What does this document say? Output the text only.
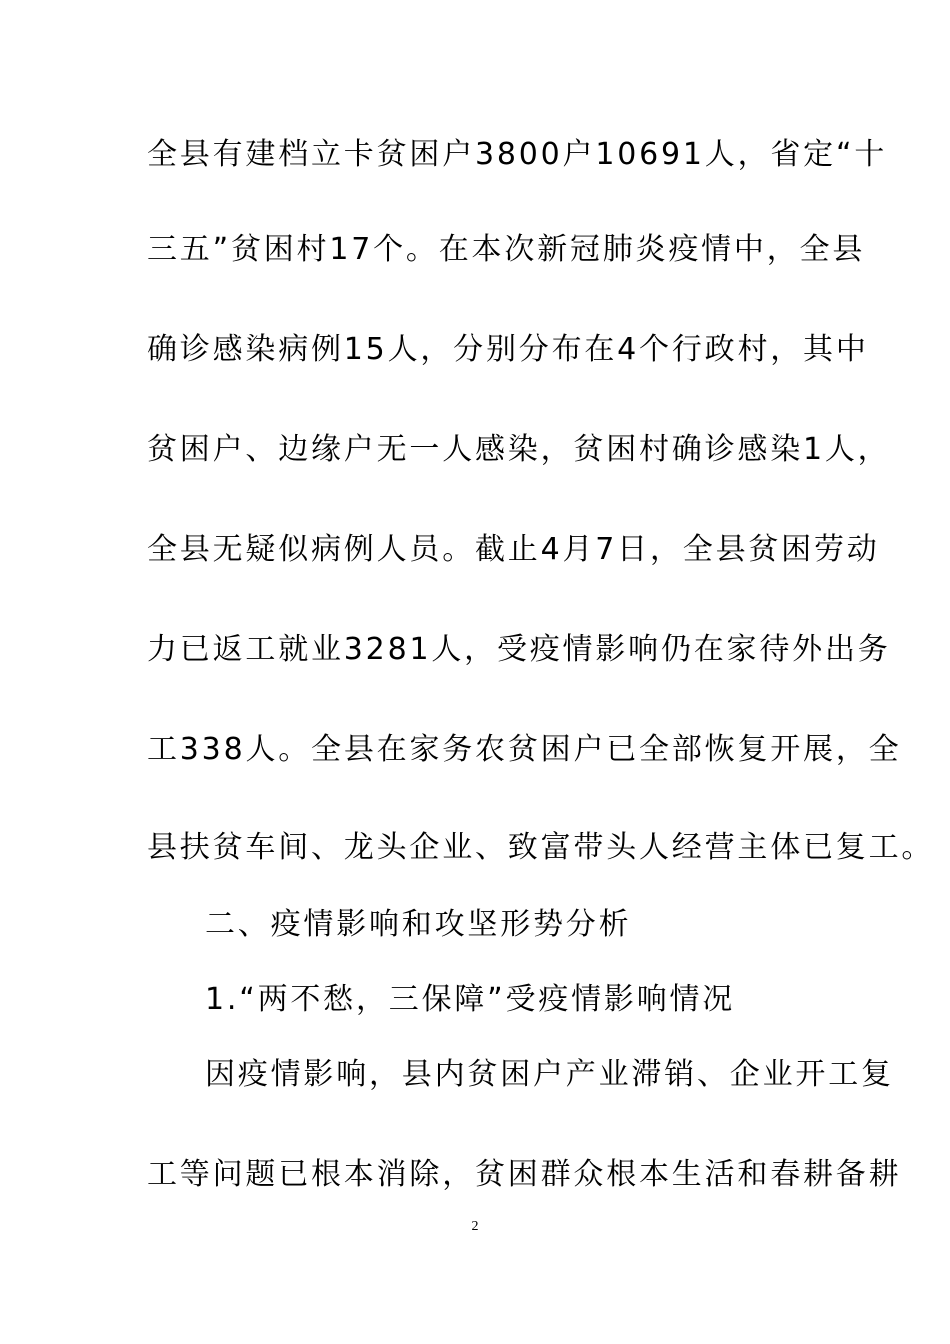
全县有建档立卡贫困户3800户10691人，省定“十
三五”贫困村17个。在本次新冠肺炎疫情中，全县
确诊感染病例15人，分别分布在4个行政村，其中
贫困户、边缘户无一人感染，贫困村确诊感染1人，
全县无疑似病例人员。截止4月7日，全县贫困劳动
力已返工就业3281人，受疫情影响仍在家待外出务
工338人。全县在家务农贫困户已全部恢复开展，全
县扶贫车间、龙头企业、致富带头人经营主体已复工。
二、疫情影响和攻坚形势分析
1.“两不愁，三保障”受疫情影响情况
因疫情影响，县内贫困户产业滞销、企业开工复
工等问题已根本消除，贫困群众根本生活和春耕备耕
2
